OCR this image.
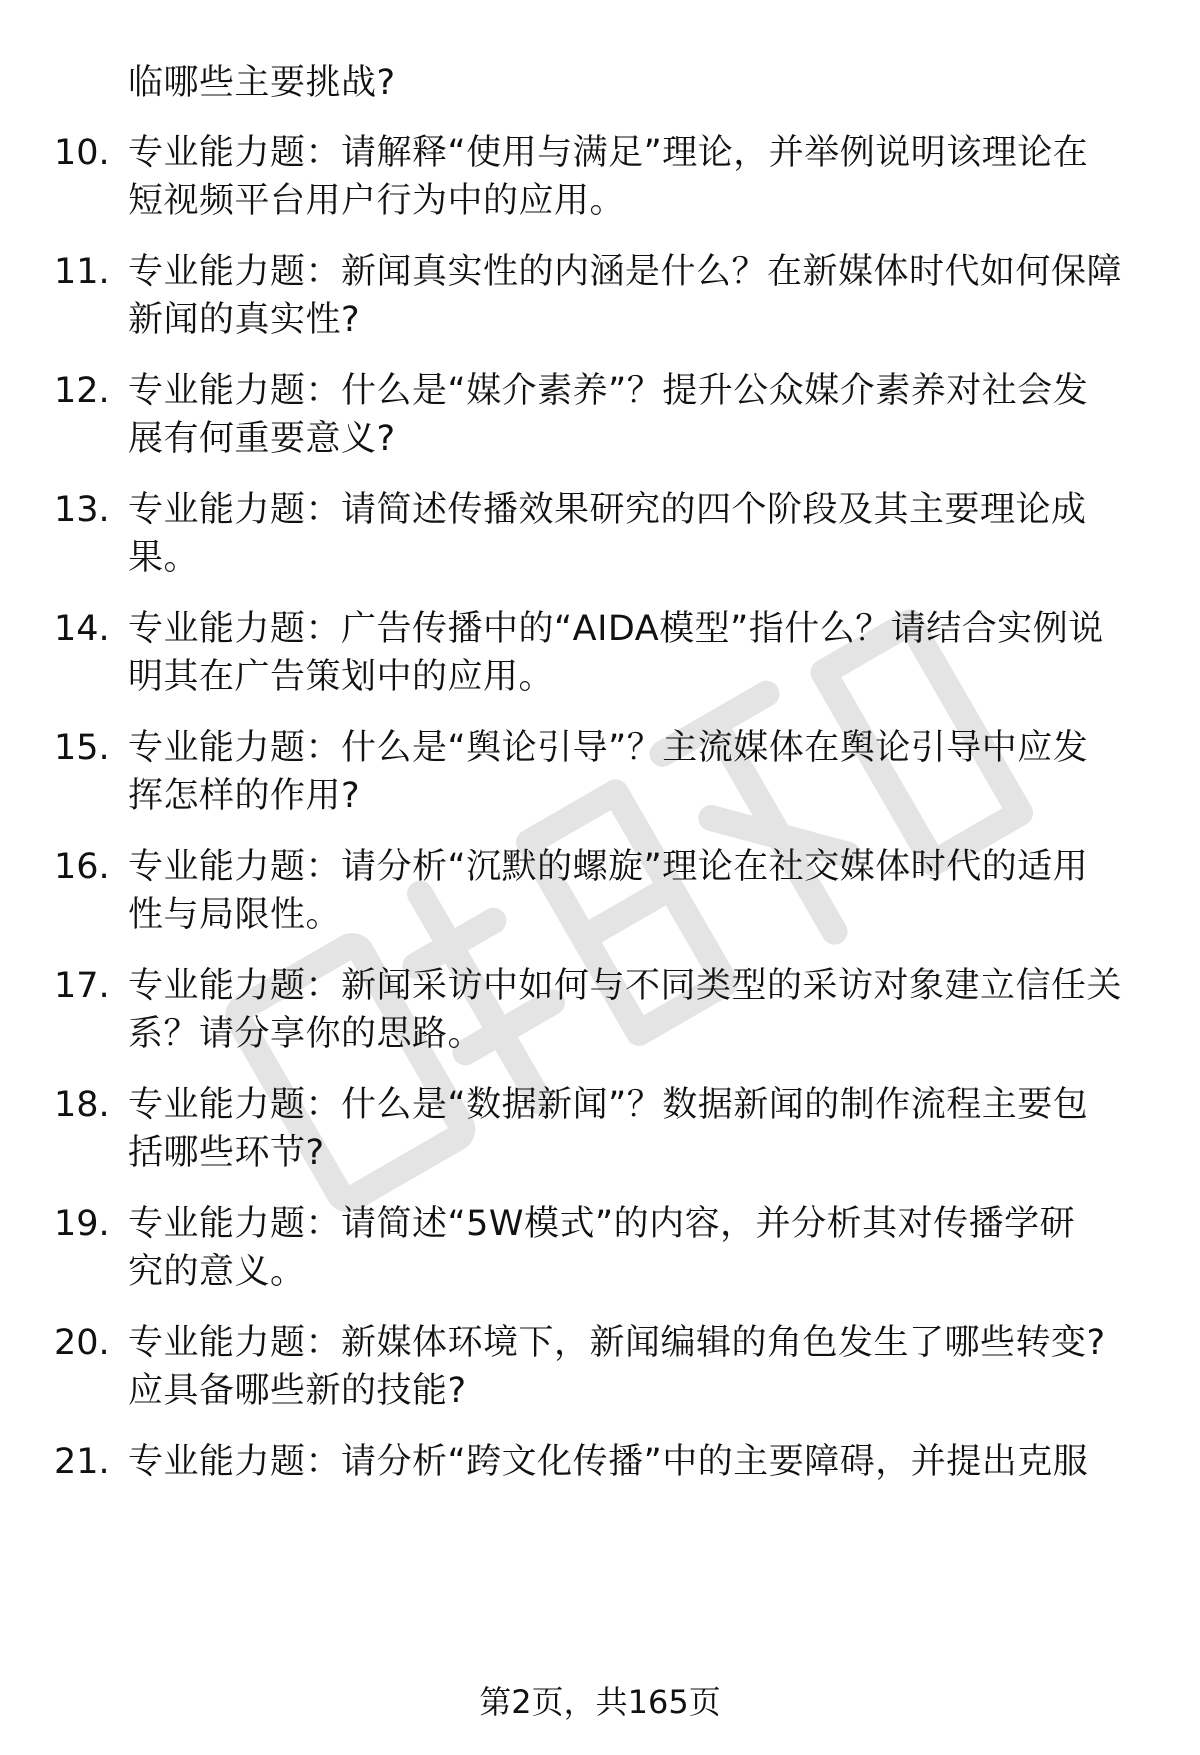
临哪些主要挑战?
10. 专业能力题：请解释“使用与满足”理论，并举例说明该理论在
短视频平台用户行为中的应用。
11. 专业能力题：新闻真实性的内涵是什么？在新媒体时代如何保障
新闻的真实性?
12. 专业能力题：什么是“媒介素养”？提升公众媒介素养对社会发
展有何重要意义?
13. 专业能力题：请简述传播效果研究的四个阶段及其主要理论成
果。
14. 专业能力题：广告传播中的“AIDA模型”指什么？请结合实例说
明其在广告策划中的应用。
15. 专业能力题：什么是“舆论引导”？主流媒体在舆论引导中应发
挥怎样的作用?
16. 专业能力题：请分析“沉默的螺旋”理论在社交媒体时代的适用
性与局限性。
17. 专业能力题：新闻采访中如何与不同类型的采访对象建立信任关
系？请分享你的思路。
18. 专业能力题：什么是“数据新闻”？数据新闻的制作流程主要包
括哪些环节?
19. 专业能力题：请简述“5W模式”的内容，并分析其对传播学研
究的意义。
20. 专业能力题：新媒体环境下，新闻编辑的角色发生了哪些转变?
应具备哪些新的技能?
21. 专业能力题：请分析“跨文化传播”中的主要障碍，并提出克服
第2页，共165页
